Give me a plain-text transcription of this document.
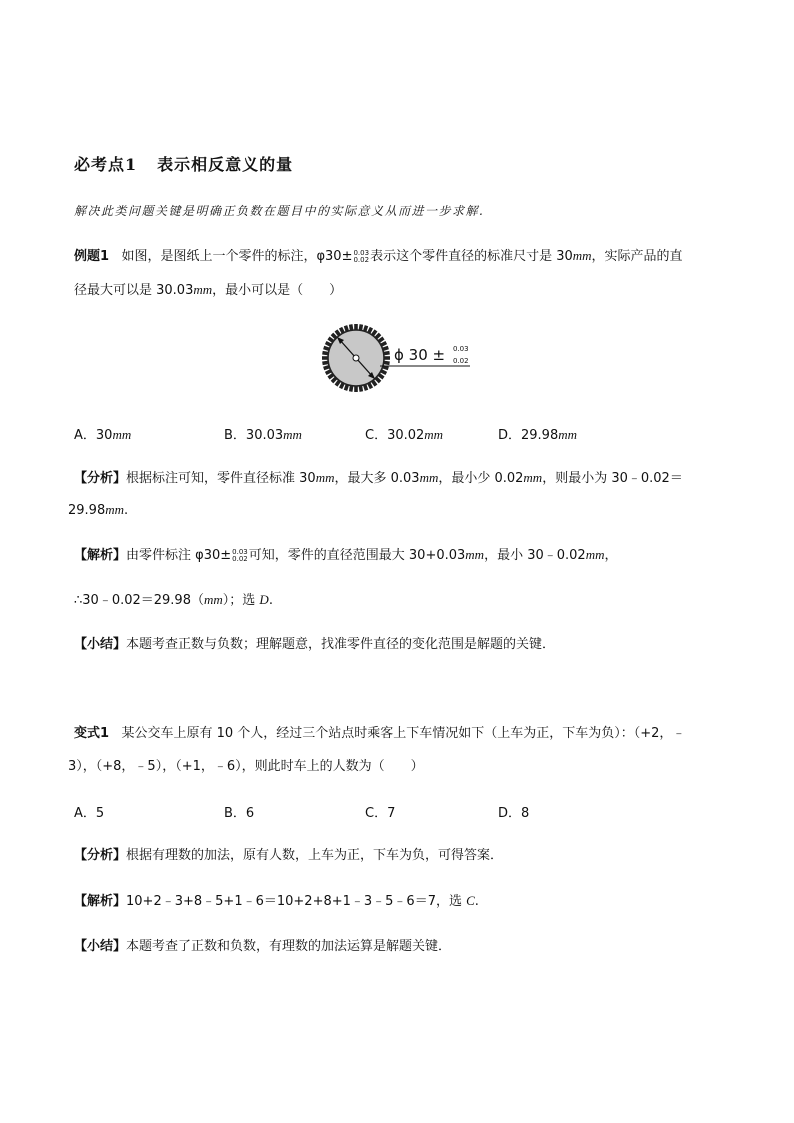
必考点1 表示相反意义的量
解决此类问题关键是明确正负数在题目中的实际意义从而进一步求解.
例题1 如图，是图纸上一个零件的标注，φ30± 0.03
0.02 表示这个零件直径的标准尺寸是 30mm，实际产品的直
径最大可以是 30.03mm，最小可以是（　　）
ϕ 30 ± 0.03
0.02
A．30mm	B．30.03mm	C．30.02mm	D．29.98mm
【分析】根据标注可知，零件直径标准 30mm，最大多 0.03mm，最小少 0.02mm，则最小为 30﹣0.02＝
29.98mm.
【解析】由零件标注 φ30± 0.03
0.02 可知，零件的直径范围最大 30+0.03mm，最小 30﹣0.02mm，
∴30﹣0.02＝29.98（mm）；选 D.
【小结】本题考查正数与负数；理解题意，找准零件直径的变化范围是解题的关键．
变式1 某公交车上原有 10 个人，经过三个站点时乘客上下车情况如下（上车为正，下车为负）：（+2，﹣
3），（+8，﹣5），（+1，﹣6），则此时车上的人数为（　　）
A．5	B．6	C．7	D．8
【分析】根据有理数的加法，原有人数，上车为正，下车为负，可得答案．
【解析】10+2﹣3+8﹣5+1﹣6＝10+2+8+1﹣3﹣5﹣6＝7，选 C.
【小结】本题考查了正数和负数，有理数的加法运算是解题关键．
